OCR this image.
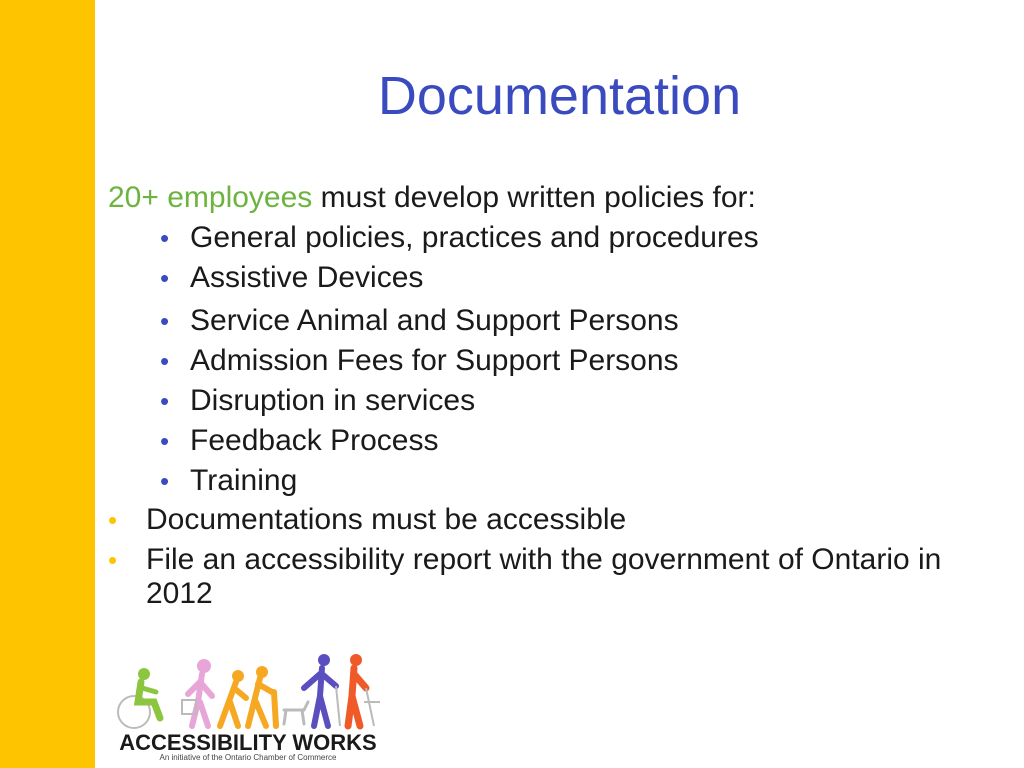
Documentation
20+ employees must develop written policies for:
• General policies, practices and procedures
• Assistive Devices
• Service Animal and Support Persons
• Admission Fees for Support Persons
• Disruption in services
• Feedback Process
• Training
• Documentations must be accessible
• File an accessibility report with the government of Ontario in 2012
ACCESSIBILITY WORKS
An initiative of the Ontario Chamber of Commerce
